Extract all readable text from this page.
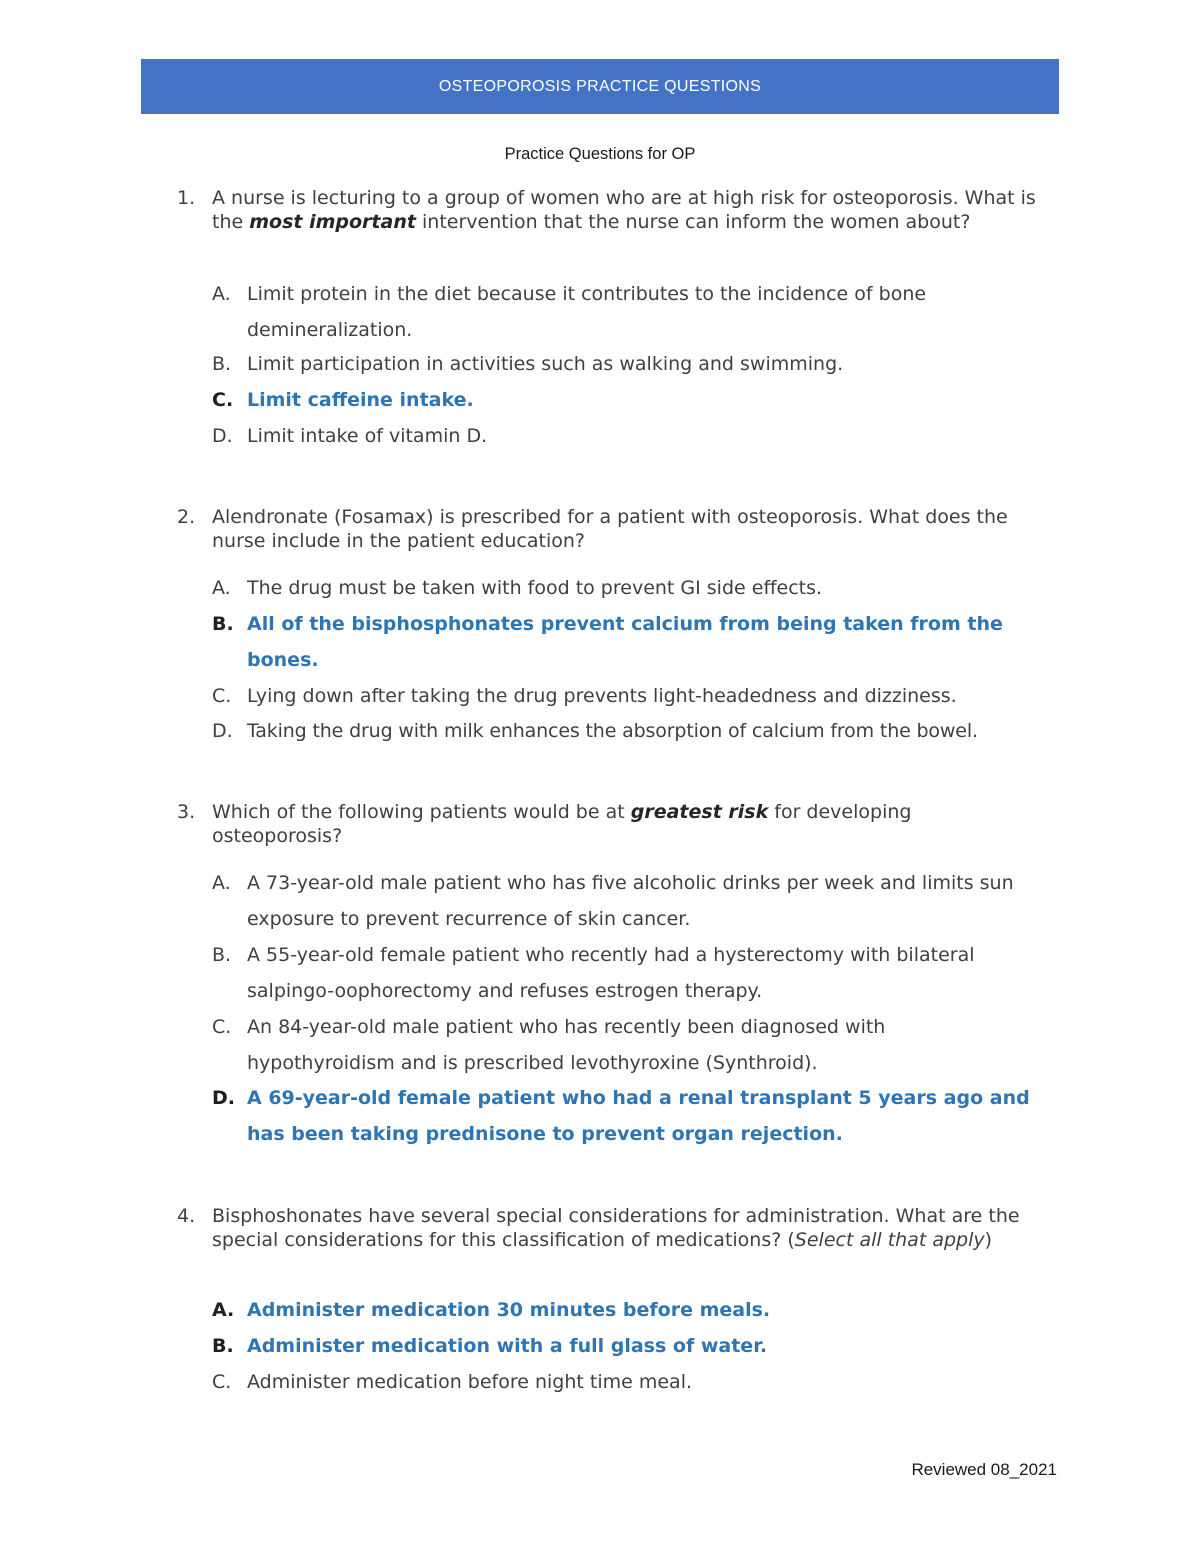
OSTEOPOROSIS PRACTICE QUESTIONS
Practice Questions for OP
1. A nurse is lecturing to a group of women who are at high risk for osteoporosis. What is the most important intervention that the nurse can inform the women about?
A. Limit protein in the diet because it contributes to the incidence of bone demineralization.
B. Limit participation in activities such as walking and swimming.
C. Limit caffeine intake.
D. Limit intake of vitamin D.
2. Alendronate (Fosamax) is prescribed for a patient with osteoporosis. What does the nurse include in the patient education?
A. The drug must be taken with food to prevent GI side effects.
B. All of the bisphosphonates prevent calcium from being taken from the bones.
C. Lying down after taking the drug prevents light-headedness and dizziness.
D. Taking the drug with milk enhances the absorption of calcium from the bowel.
3. Which of the following patients would be at greatest risk for developing osteoporosis?
A. A 73-year-old male patient who has five alcoholic drinks per week and limits sun exposure to prevent recurrence of skin cancer.
B. A 55-year-old female patient who recently had a hysterectomy with bilateral salpingo-oophorectomy and refuses estrogen therapy.
C. An 84-year-old male patient who has recently been diagnosed with hypothyroidism and is prescribed levothyroxine (Synthroid).
D. A 69-year-old female patient who had a renal transplant 5 years ago and has been taking prednisone to prevent organ rejection.
4. Bisphoshonates have several special considerations for administration. What are the special considerations for this classification of medications? (Select all that apply)
A. Administer medication 30 minutes before meals.
B. Administer medication with a full glass of water.
C. Administer medication before night time meal.
Reviewed 08_2021
